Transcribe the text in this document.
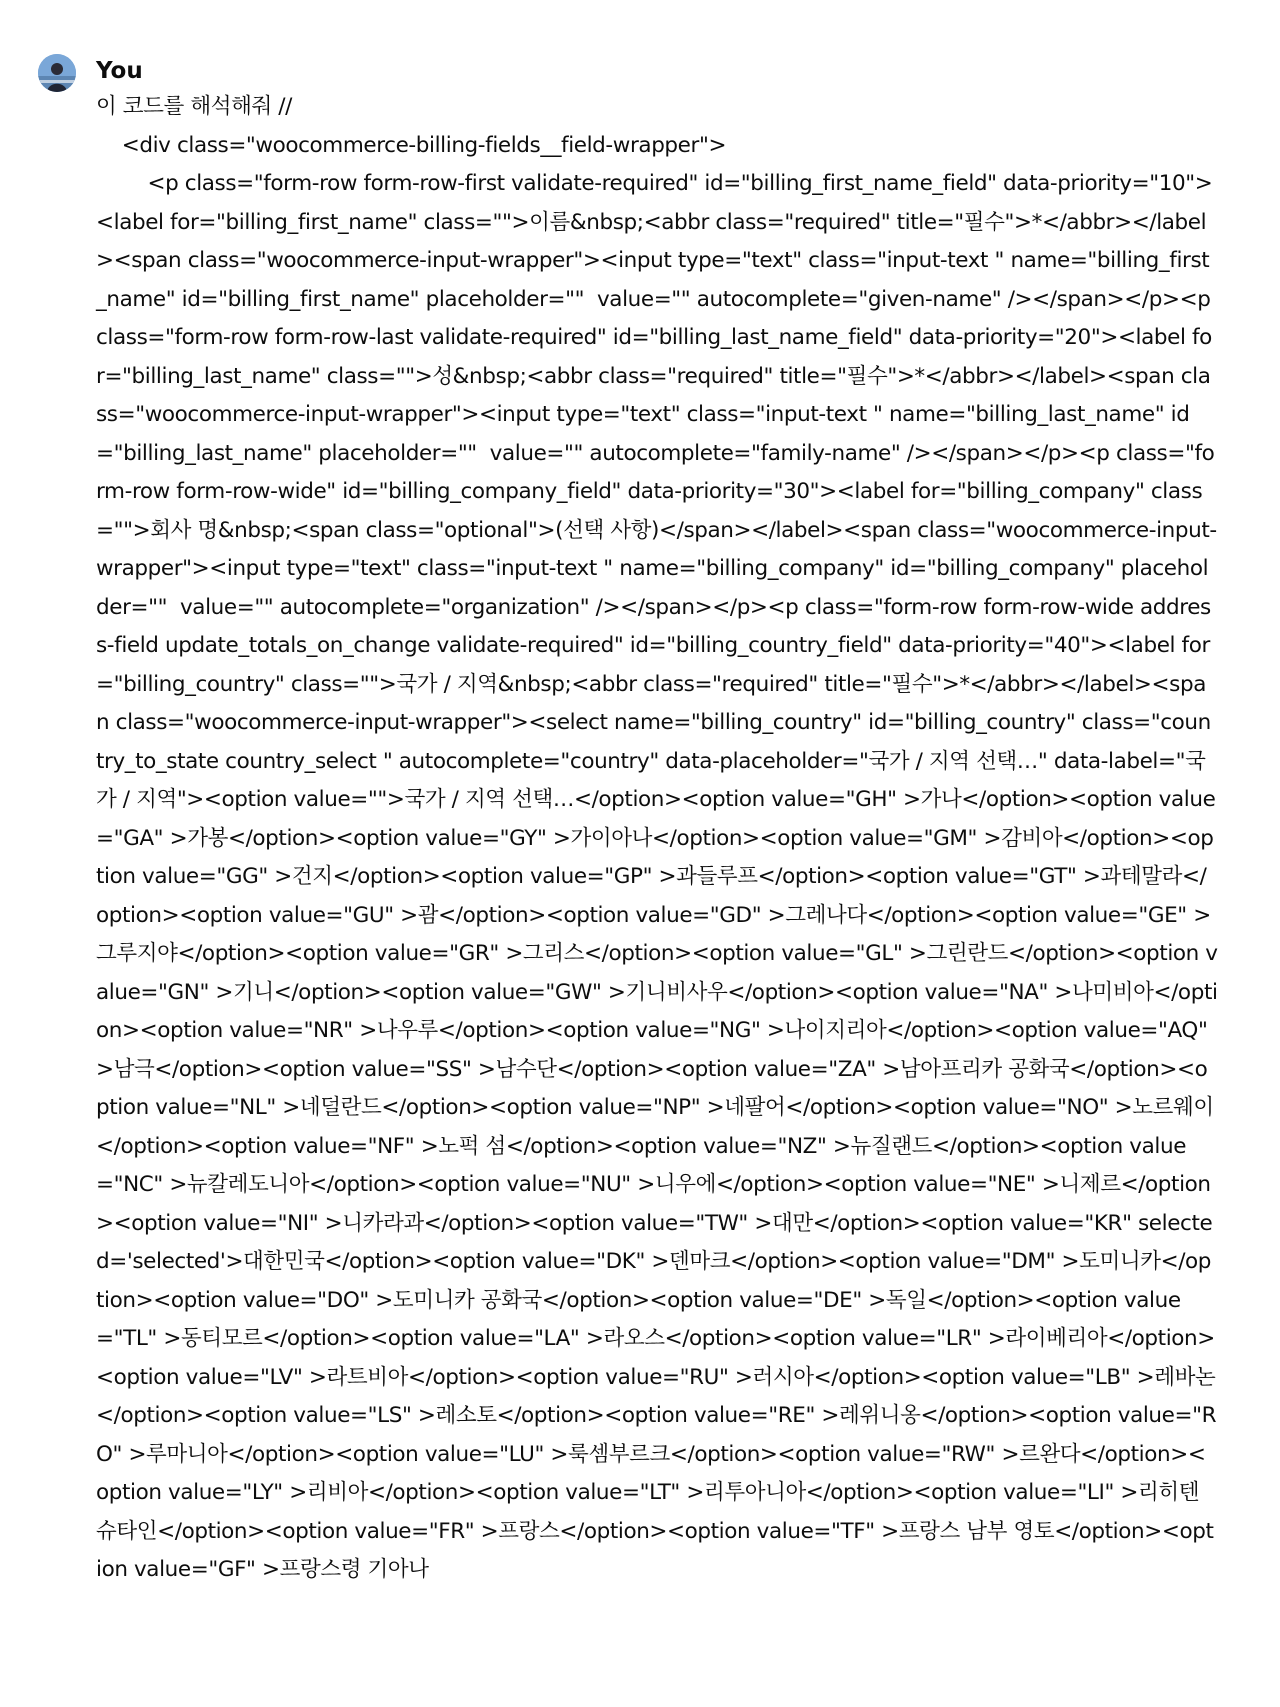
You
이 코드를 해석해줘 //
<div class="woocommerce-billing-fields__field-wrapper">
<p class="form-row form-row-first validate-required" id="billing_first_name_field" data-priority="10"><label for="billing_first_name" class="">이름&nbsp;<abbr class="required" title="필수">*</abbr></label><span class="woocommerce-input-wrapper"><input type="text" class="input-text " name="billing_first_name" id="billing_first_name" placeholder=""  value="" autocomplete="given-name" /></span></p><p class="form-row form-row-last validate-required" id="billing_last_name_field" data-priority="20"><label for="billing_last_name" class="">성&nbsp;<abbr class="required" title="필수">*</abbr></label><span class="woocommerce-input-wrapper"><input type="text" class="input-text " name="billing_last_name" id="billing_last_name" placeholder=""  value="" autocomplete="family-name" /></span></p><p class="form-row form-row-wide" id="billing_company_field" data-priority="30"><label for="billing_company" class="">회사 명&nbsp;<span class="optional">(선택 사항)</span></label><span class="woocommerce-input-wrapper"><input type="text" class="input-text " name="billing_company" id="billing_company" placeholder=""  value="" autocomplete="organization" /></span></p><p class="form-row form-row-wide address-field update_totals_on_change validate-required" id="billing_country_field" data-priority="40"><label for="billing_country" class="">국가 / 지역&nbsp;<abbr class="required" title="필수">*</abbr></label><span class="woocommerce-input-wrapper"><select name="billing_country" id="billing_country" class="country_to_state country_select " autocomplete="country" data-placeholder="국가 / 지역 선택…" data-label="국가 / 지역"><option value="">국가 / 지역 선택…</option><option value="GH" >가나</option><option value="GA" >가봉</option><option value="GY" >가이아나</option><option value="GM" >감비아</option><option value="GG" >건지</option><option value="GP" >과들루프</option><option value="GT" >과테말라</option><option value="GU" >괌</option><option value="GD" >그레나다</option><option value="GE" >그루지야</option><option value="GR" >그리스</option><option value="GL" >그린란드</option><option value="GN" >기니</option><option value="GW" >기니비사우</option><option value="NA" >나미비아</option><option value="NR" >나우루</option><option value="NG" >나이지리아</option><option value="AQ" >남극</option><option value="SS" >남수단</option><option value="ZA" >남아프리카 공화국</option><option value="NL" >네덜란드</option><option value="NP" >네팔어</option><option value="NO" >노르웨이</option><option value="NF" >노퍽 섬</option><option value="NZ" >뉴질랜드</option><option value="NC" >뉴칼레도니아</option><option value="NU" >니우에</option><option value="NE" >니제르</option><option value="NI" >니카라과</option><option value="TW" >대만</option><option value="KR" selected='selected'>대한민국</option><option value="DK" >덴마크</option><option value="DM" >도미니카</option><option value="DO" >도미니카 공화국</option><option value="DE" >독일</option><option value="TL" >동티모르</option><option value="LA" >라오스</option><option value="LR" >라이베리아</option><option value="LV" >라트비아</option><option value="RU" >러시아</option><option value="LB" >레바논</option><option value="LS" >레소토</option><option value="RE" >레위니옹</option><option value="RO" >루마니아</option><option value="LU" >룩셈부르크</option><option value="RW" >르완다</option><option value="LY" >리비아</option><option value="LT" >리투아니아</option><option value="LI" >리히텐슈타인</option><option value="FR" >프랑스</option><option value="TF" >프랑스 남부 영토</option><option value="GF" >프랑스령 기아나
